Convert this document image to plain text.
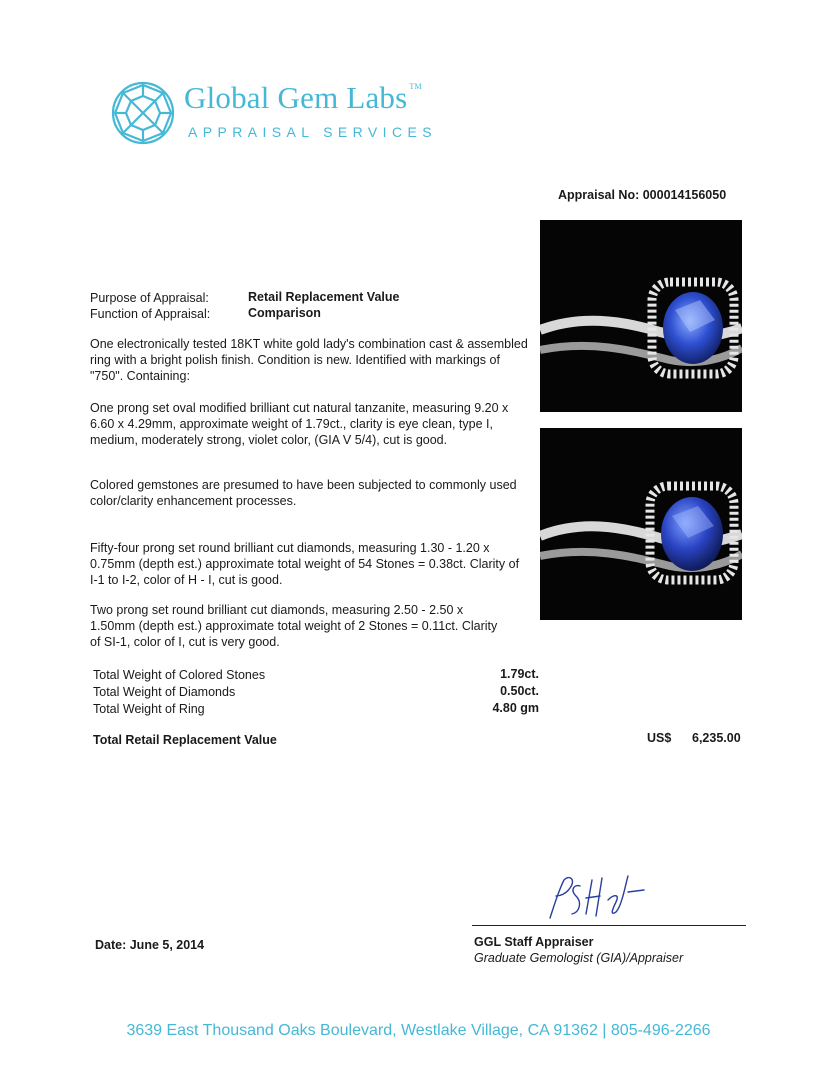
Global Gem Labs ™
APPRAISAL SERVICES
Appraisal No: 000014156050
Purpose of Appraisal:	Retail Replacement Value
Function of Appraisal:	Comparison

One electronically tested 18KT white gold lady's combination cast & assembled ring with a bright polish finish. Condition is new. Identified with markings of "750". Containing:

One prong set oval modified brilliant cut natural tanzanite, measuring 9.20 x 6.60 x 4.29mm, approximate weight of 1.79ct., clarity is eye clean, type I, medium, moderately strong, violet color, (GIA V 5/4), cut is good.

Colored gemstones are presumed to have been subjected to commonly used color/clarity enhancement processes.

Fifty-four prong set round brilliant cut diamonds, measuring 1.30 - 1.20 x 0.75mm (depth est.) approximate total weight of 54 Stones = 0.38ct. Clarity of I-1 to I-2, color of H - I, cut is good.

Two prong set round brilliant cut diamonds, measuring 2.50 - 2.50 x 1.50mm (depth est.) approximate total weight of 2 Stones = 0.11ct. Clarity of SI-1, color of I, cut is very good.

Total Weight of Colored Stones	1.79ct.
Total Weight of Diamonds	0.50ct.
Total Weight of Ring	4.80 gm
Total Retail Replacement Value	US$ 6,235.00
Date: June 5, 2014	GGL Staff Appraiser
Graduate Gemologist (GIA)/Appraiser
3639 East Thousand Oaks Boulevard, Westlake Village, CA 91362 | 805-496-2266
